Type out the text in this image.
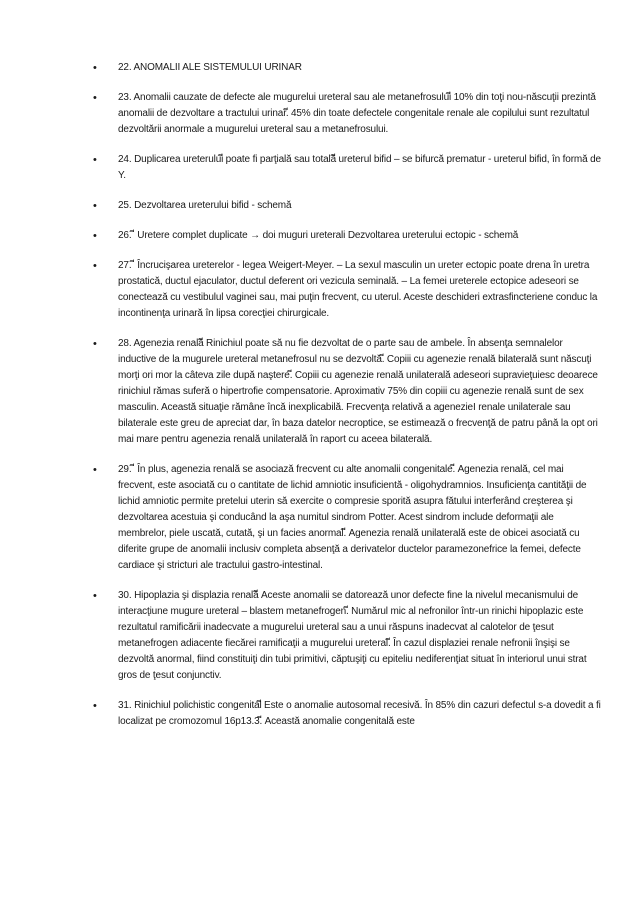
• 22. ANOMALII ALE SISTEMULUI URINAR
• 23. Anomalii cauzate de defecte ale mugurelui ureteral sau ale metanefrosuluiี 10% din toţi nou-născuţii prezintă anomalii de dezvoltare a tractului urinar.ี 45% din toate defectele congenitale renale ale copilului sunt rezultatul dezvoltării anormale a mugurelui ureteral sau a metanefrosului.
• 24. Duplicarea ureteruluiี poate fi parţială sau totalăี ureterul bifid – se bifurcă prematur - ureterul bifid, în formă de Y.
• 25. Dezvoltarea ureterului bifid - schemă
• 26. ี Uretere complet duplicate → doi muguri ureterali Dezvoltarea ureterului ectopic - schemă
• 27. ี Încrucişarea ureterelor - legea Weigert-Meyer. – La sexul masculin un ureter ectopic poate drena în uretra prostatică, ductul ejaculator, ductul deferent ori vezicula seminală. – La femei ureterele ectopice adeseori se conectează cu vestibulul vaginei sau, mai puţin frecvent, cu uterul. Aceste deschideri extrasfincteriene conduc la incontinenţa urinară în lipsa corecţiei chirurgicale.
• 28. Agenezia renalăี Rinichiul poate să nu fie dezvoltat de o parte sau de ambele. În absenţa semnalelor inductive de la mugurele ureteral metanefrosul nu se dezvoltă.ี Copiii cu agenezie renală bilaterală sunt născuţi morţi ori mor la câteva zile după naştere.ี Copiii cu agenezie renală unilaterală adeseori supravieţuiesc deoarece rinichiul rămas suferă o hipertrofie compensatorie. Aproximativ 75% din copiii cu agenezie renală sunt de sex masculin. Această situaţie rămâne încă inexplicabilă. Frecvenţa relativă a agenezieI renale unilaterale sau bilaterale este greu de apreciat dar, în baza datelor necroptice, se estimează o frecvenţă de patru până la opt ori mai mare pentru agenezia renală unilaterală în raport cu aceea bilaterală.
• 29. ี În plus, agenezia renală se asociază frecvent cu alte anomalii congenitale.ี Agenezia renală, cel mai frecvent, este asociată cu o cantitate de lichid amniotic insuficientă - oligohydramnios. Insuficienţa cantităţii de lichid amniotic permite pretelui uterin să exercite o compresie sporită asupra fătului interferând creşterea şi dezvoltarea acestuia şi conducând la aşa numitul sindrom Potter. Acest sindrom include deformaţii ale membrelor, piele uscată, cutată, şi un facies anormal.ี Agenezia renală unilaterală este de obicei asociată cu diferite grupe de anomalii inclusiv completa absenţă a derivatelor ductelor paramezonefrice la femei, defecte cardiace şi stricturi ale tractului gastro-intestinal.
• 30. Hipoplazia şi displazia renalăี Aceste anomalii se datorează unor defecte fine la nivelul mecanismului de interacţiune mugure ureteral – blastem metanefrogen.ี Numărul mic al nefronilor într-un rinichi hipoplazic este rezultatul ramificării inadecvate a mugurelui ureteral sau a unui răspuns inadecvat al calotelor de ţesut metanefrogen adiacente fiecărei ramificaţii a mugurelui ureteral.ี În cazul displaziei renale nefronii înşişi se dezvoltă anormal, fiind constituiţi din tubi primitivi, căptuşiţi cu epiteliu nediferenţiat situat în interiorul unui strat gros de ţesut conjunctiv.
• 31. Rinichiul polichistic congenitalี Este o anomalie autosomal recesivă. În 85% din cazuri defectul s-a dovedit a fi localizat pe cromozomul 16p13.3.ี Această anomalie congenitală este
